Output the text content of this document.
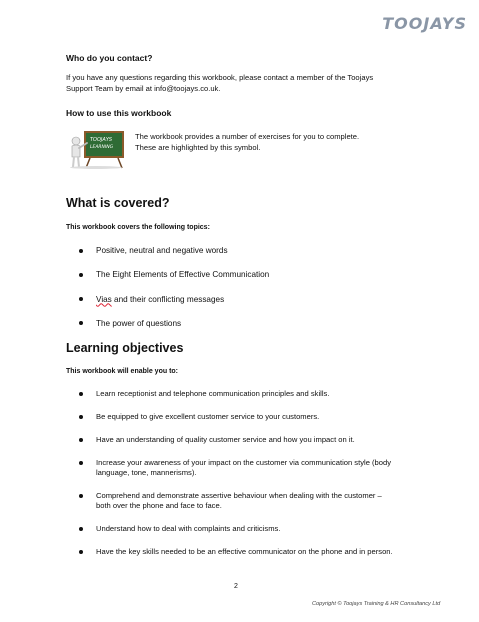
TOOJAYS
Who do you contact?
If you have any questions regarding this workbook, please contact a member of the Toojays
Support Team by email at info@toojays.co.uk.
How to use this workbook
TOOJAYS
LEARNING
The workbook provides a number of exercises for you to complete.
These are highlighted by this symbol.
What is covered?
This workbook covers the following topics:
Positive, neutral and negative words
The Eight Elements of Effective Communication
Vias and their conflicting messages
The power of questions
Learning objectives
This workbook will enable you to:
Learn receptionist and telephone communication principles and skills.
Be equipped to give excellent customer service to your customers.
Have an understanding of quality customer service and how you impact on it.
Increase your awareness of your impact on the customer via communication style (body language, tone, mannerisms).
Comprehend and demonstrate assertive behaviour when dealing with the customer – both over the phone and face to face.
Understand how to deal with complaints and criticisms.
Have the key skills needed to be an effective communicator on the phone and in person.
2
Copyright © Toojays Training & HR Consultancy Ltd
